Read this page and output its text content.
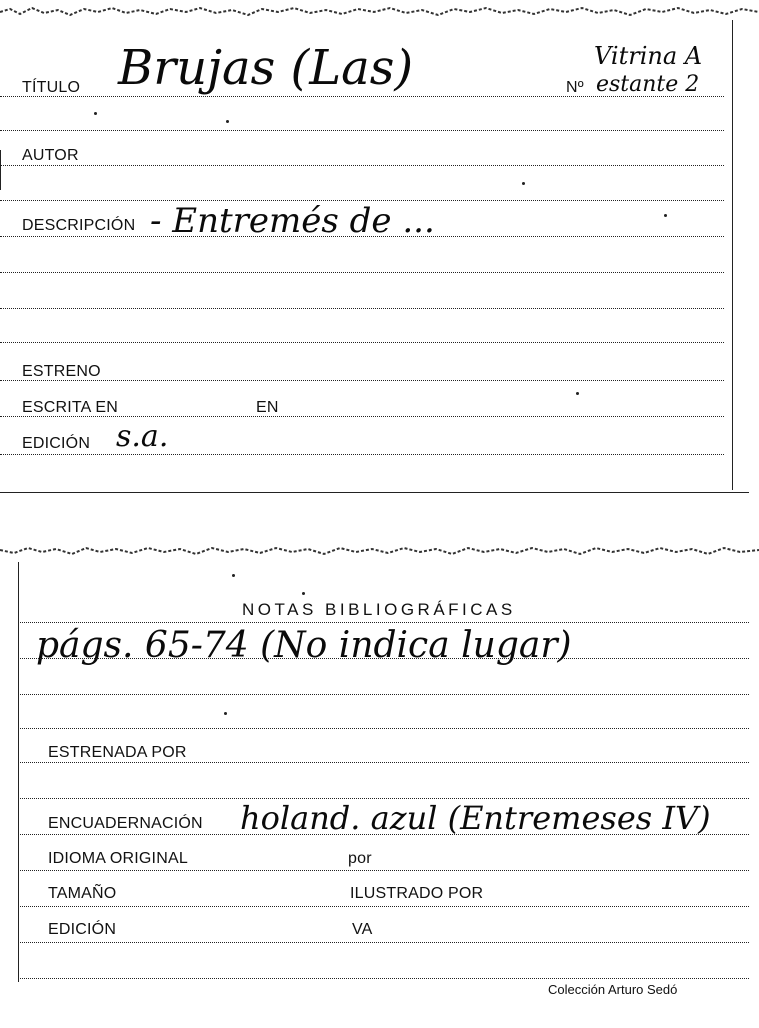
TÍTULO Brujas (Las)	Vitrina A
Nº estante 2
AUTOR
DESCRIPCIÓN - Entremés de ...
ESTRENO
ESCRITA EN	EN
EDICIÓN s.a.
NOTAS BIBLIOGRÁFICAS
págs. 65-74 (No indica lugar)
ESTRENADA POR
ENCUADERNACIÓN holand. azul (Entremeses IV)
IDIOMA ORIGINAL	por
TAMAÑO	ILUSTRADO POR
EDICIÓN	VA
Colección Arturo Sedó
